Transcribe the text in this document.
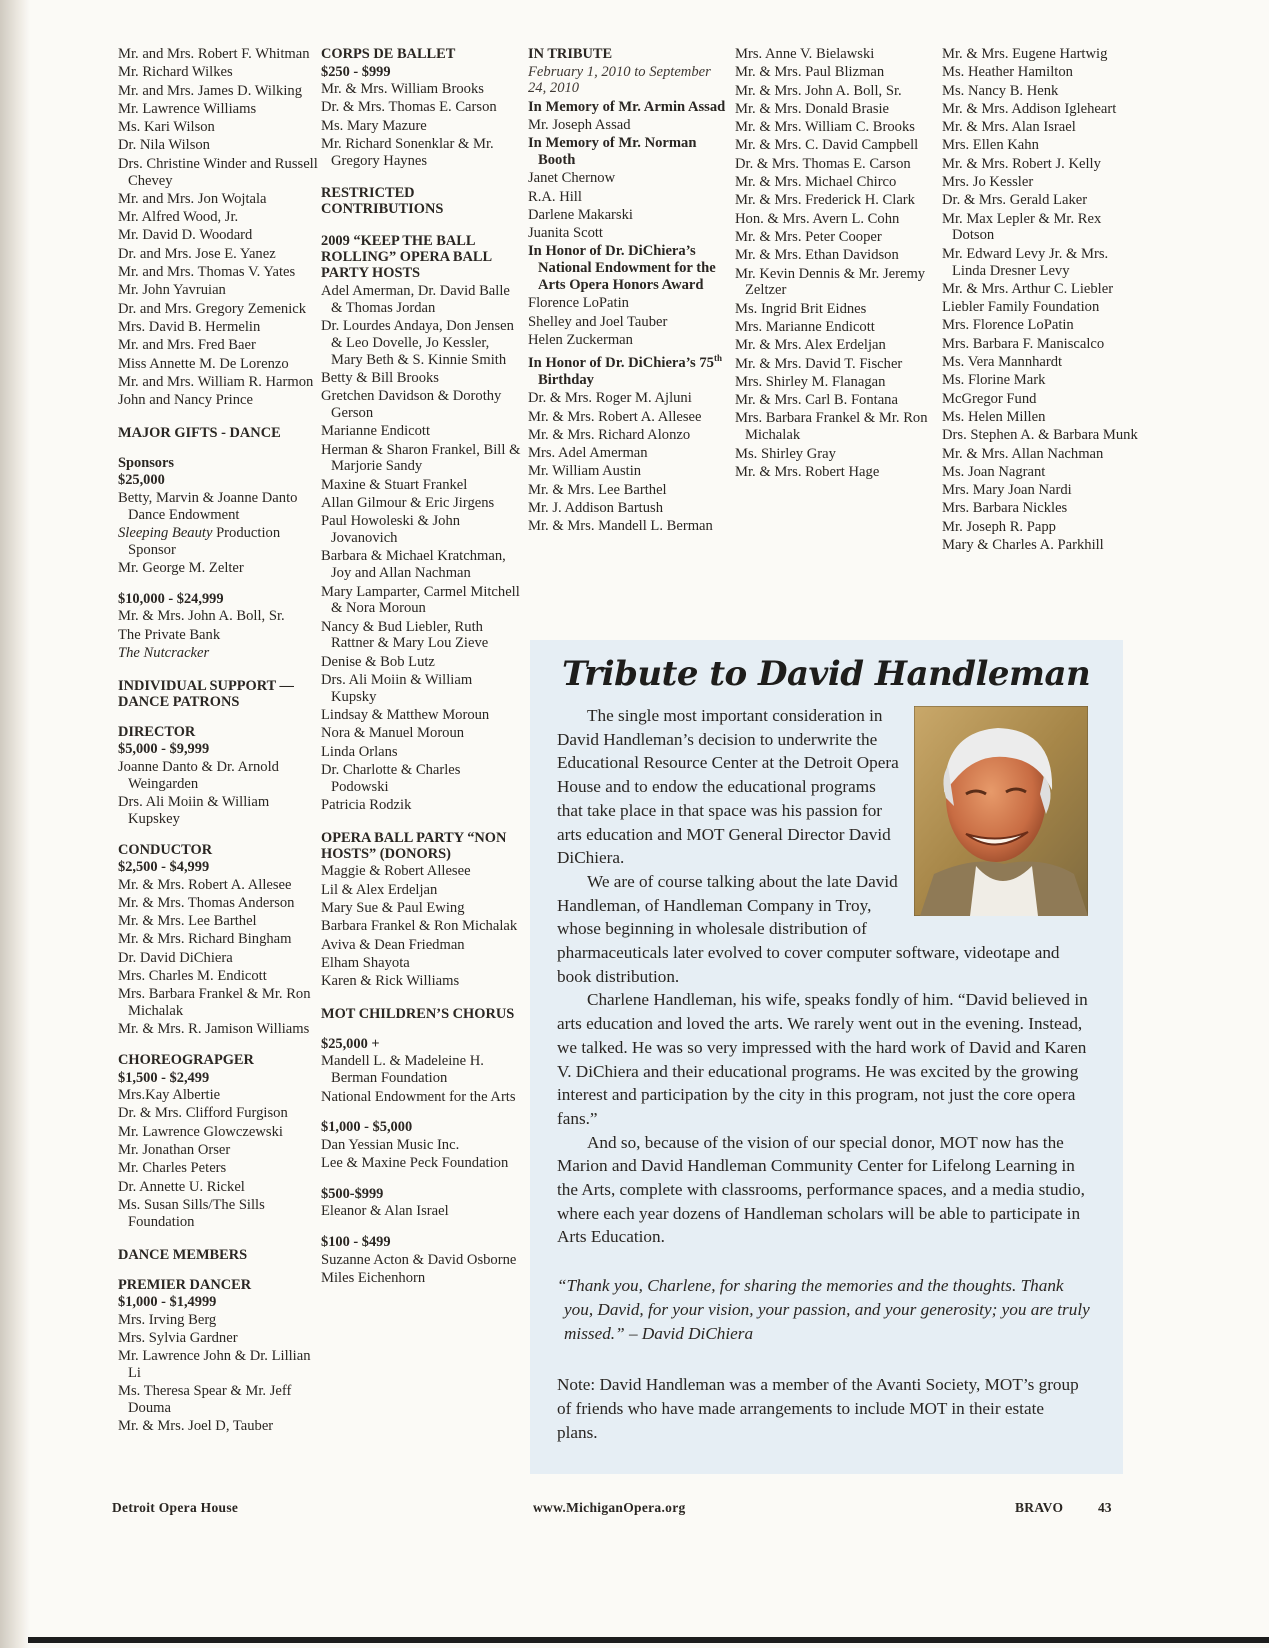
Mr. and Mrs. Robert F. Whitman
Mr. Richard Wilkes
Mr. and Mrs. James D. Wilking
Mr. Lawrence Williams
Ms. Kari Wilson
Dr. Nila Wilson
Drs. Christine Winder and Russell Chevey
Mr. and Mrs. Jon Wojtala
Mr. Alfred Wood, Jr.
Mr. David D. Woodard
Dr. and Mrs. Jose E. Yanez
Mr. and Mrs. Thomas V. Yates
Mr. John Yavruian
Dr. and Mrs. Gregory Zemenick
Mrs. David B. Hermelin
Mr. and Mrs. Fred Baer
Miss Annette M. De Lorenzo
Mr. and Mrs. William R. Harmon
John and Nancy Prince
MAJOR GIFTS - DANCE
Sponsors
$25,000
Betty, Marvin & Joanne Danto Dance Endowment
Sleeping Beauty Production Sponsor
Mr. George M. Zelter
$10,000 - $24,999
Mr. & Mrs. John A. Boll, Sr.
The Private Bank
The Nutcracker
INDIVIDUAL SUPPORT — DANCE PATRONS
DIRECTOR
$5,000 - $9,999
Joanne Danto & Dr. Arnold Weingarden
Drs. Ali Moiin & William Kupskey
CONDUCTOR
$2,500 - $4,999
Mr. & Mrs. Robert A. Allesee
Mr. & Mrs. Thomas Anderson
Mr. & Mrs. Lee Barthel
Mr. & Mrs. Richard Bingham
Dr. David DiChiera
Mrs. Charles M. Endicott
Mrs. Barbara Frankel & Mr. Ron Michalak
Mr. & Mrs. R. Jamison Williams
CHOREOGRAPGER
$1,500 - $2,499
Mrs.Kay Albertie
Dr. & Mrs. Clifford Furgison
Mr. Lawrence Glowczewski
Mr. Jonathan Orser
Mr. Charles Peters
Dr. Annette U. Rickel
Ms. Susan Sills/The Sills Foundation
DANCE MEMBERS
PREMIER DANCER
$1,000 - $1,4999
Mrs. Irving Berg
Mrs. Sylvia Gardner
Mr. Lawrence John & Dr. Lillian Li
Ms. Theresa Spear & Mr. Jeff Douma
Mr. & Mrs. Joel D, Tauber
CORPS DE BALLET
$250 - $999
Mr. & Mrs. William Brooks
Dr. & Mrs. Thomas E. Carson
Ms. Mary Mazure
Mr. Richard Sonenklar & Mr. Gregory Haynes
RESTRICTED CONTRIBUTIONS
2009 “KEEP THE BALL ROLLING” OPERA BALL PARTY HOSTS
Adel Amerman, Dr. David Balle & Thomas Jordan
Dr. Lourdes Andaya, Don Jensen & Leo Dovelle, Jo Kessler, Mary Beth & S. Kinnie Smith
Betty & Bill Brooks
Gretchen Davidson & Dorothy Gerson
Marianne Endicott
Herman & Sharon Frankel, Bill & Marjorie Sandy
Maxine & Stuart Frankel
Allan Gilmour & Eric Jirgens
Paul Howoleski & John Jovanovich
Barbara & Michael Kratchman, Joy and Allan Nachman
Mary Lamparter, Carmel Mitchell & Nora Moroun
Nancy & Bud Liebler, Ruth Rattner & Mary Lou Zieve
Denise & Bob Lutz
Drs. Ali Moiin & William Kupsky
Lindsay & Matthew Moroun
Nora & Manuel Moroun
Linda Orlans
Dr. Charlotte & Charles Podowski
Patricia Rodzik
OPERA BALL PARTY “NON HOSTS” (DONORS)
Maggie & Robert Allesee
Lil & Alex Erdeljan
Mary Sue & Paul Ewing
Barbara Frankel & Ron Michalak
Aviva & Dean Friedman
Elham Shayota
Karen & Rick Williams
MOT CHILDREN’S CHORUS
$25,000 +
Mandell L. & Madeleine H. Berman Foundation
National Endowment for the Arts
$1,000 - $5,000
Dan Yessian Music Inc.
Lee & Maxine Peck Foundation
$500-$999
Eleanor & Alan Israel
$100 - $499
Suzanne Acton & David Osborne
Miles Eichenhorn
IN TRIBUTE
February 1, 2010 to September 24, 2010
In Memory of Mr. Armin Assad
Mr. Joseph Assad
In Memory of Mr. Norman Booth
Janet Chernow
R.A. Hill
Darlene Makarski
Juanita Scott
In Honor of Dr. DiChiera’s National Endowment for the Arts Opera Honors Award
Florence LoPatin
Shelley and Joel Tauber
Helen Zuckerman
In Honor of Dr. DiChiera’s 75th Birthday
Dr. & Mrs. Roger M. Ajluni
Mr. & Mrs. Robert A. Allesee
Mr. & Mrs. Richard Alonzo
Mrs. Adel Amerman
Mr. William Austin
Mr. & Mrs. Lee Barthel
Mr. J. Addison Bartush
Mr. & Mrs. Mandell L. Berman
Mrs. Anne V. Bielawski
Mr. & Mrs. Paul Blizman
Mr. & Mrs. John A. Boll, Sr.
Mr. & Mrs. Donald Brasie
Mr. & Mrs. William C. Brooks
Mr. & Mrs. C. David Campbell
Dr. & Mrs. Thomas E. Carson
Mr. & Mrs. Michael Chirco
Mr. & Mrs. Frederick H. Clark
Hon. & Mrs. Avern L. Cohn
Mr. & Mrs. Peter Cooper
Mr. & Mrs. Ethan Davidson
Mr. Kevin Dennis & Mr. Jeremy Zeltzer
Ms. Ingrid Brit Eidnes
Mrs. Marianne Endicott
Mr. & Mrs. Alex Erdeljan
Mr. & Mrs. David T. Fischer
Mrs. Shirley M. Flanagan
Mr. & Mrs. Carl B. Fontana
Mrs. Barbara Frankel & Mr. Ron Michalak
Ms. Shirley Gray
Mr. & Mrs. Robert Hage
Mr. & Mrs. Eugene Hartwig
Ms. Heather Hamilton
Ms. Nancy B. Henk
Mr. & Mrs. Addison Igleheart
Mr. & Mrs. Alan Israel
Mrs. Ellen Kahn
Mr. & Mrs. Robert J. Kelly
Mrs. Jo Kessler
Dr. & Mrs. Gerald Laker
Mr. Max Lepler & Mr. Rex Dotson
Mr. Edward Levy Jr. & Mrs. Linda Dresner Levy
Mr. & Mrs. Arthur C. Liebler
Liebler Family Foundation
Mrs. Florence LoPatin
Mrs. Barbara F. Maniscalco
Ms. Vera Mannhardt
Ms. Florine Mark
McGregor Fund
Ms. Helen Millen
Drs. Stephen A. & Barbara Munk
Mr. & Mrs. Allan Nachman
Ms. Joan Nagrant
Mrs. Mary Joan Nardi
Mrs. Barbara Nickles
Mr. Joseph R. Papp
Mary & Charles A. Parkhill
Tribute to David Handleman

The single most important consideration in David Handleman’s decision to underwrite the Educational Resource Center at the Detroit Opera House and to endow the educational programs that take place in that space was his passion for arts education and MOT General Director David DiChiera.

We are of course talking about the late David Handleman, of Handleman Company in Troy, whose beginning in wholesale distribution of pharmaceuticals later evolved to cover computer software, videotape and book distribution.

Charlene Handleman, his wife, speaks fondly of him. “David believed in arts education and loved the arts. We rarely went out in the evening. Instead, we talked. He was so very impressed with the hard work of David and Karen V. DiChiera and their educational programs. He was excited by the growing interest and participation by the city in this program, not just the core opera fans.”

And so, because of the vision of our special donor, MOT now has the Marion and David Handleman Community Center for Lifelong Learning in the Arts, complete with classrooms, performance spaces, and a media studio, where each year dozens of Handleman scholars will be able to participate in Arts Education.

“Thank you, Charlene, for sharing the memories and the thoughts. Thank you, David, for your vision, your passion, and your generosity; you are truly missed.” – David DiChiera
Note: David Handleman was a member of the Avanti Society, MOT’s group of friends who have made arrangements to include MOT in their estate plans.
Detroit Opera House	www.MichiganOpera.org	BRAVO	43
